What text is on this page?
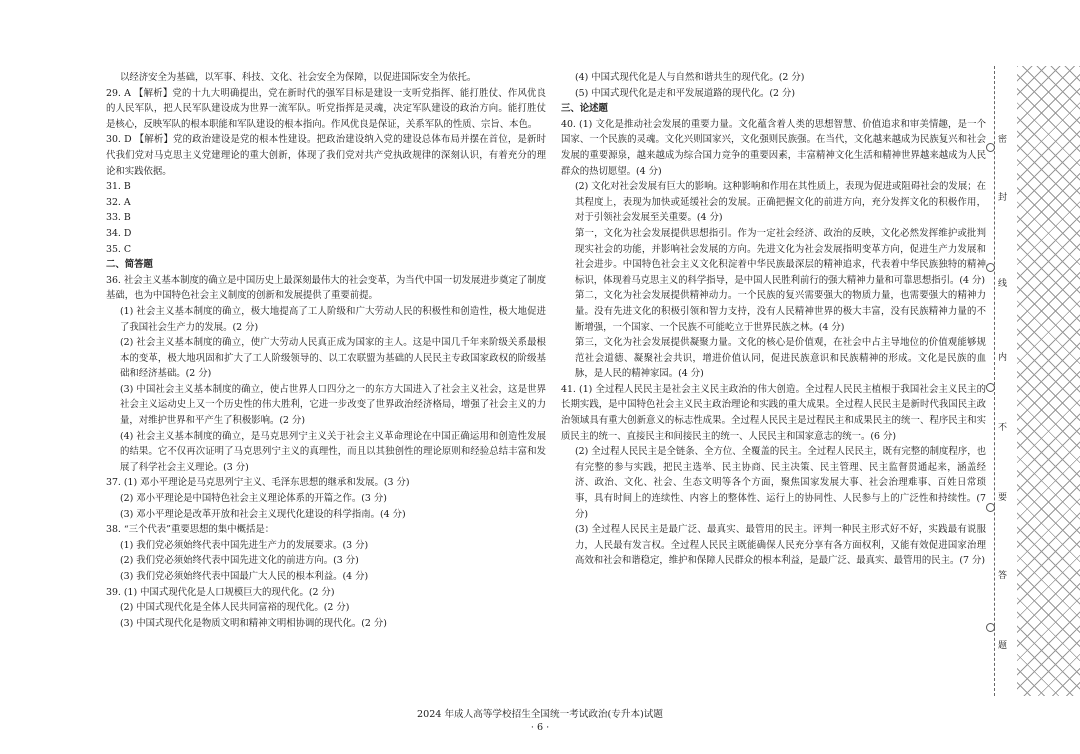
以经济安全为基础，以军事、科技、文化、社会安全为保障，以促进国际安全为依托。

29. A 【解析】党的十九大明确提出，党在新时代的强军目标是建设一支听党指挥、能打胜仗、作风优良的人民军队，把人民军队建设成为世界一流军队。听党指挥是灵魂，决定军队建设的政治方向。能打胜仗是核心，反映军队的根本职能和军队建设的根本指向。作风优良是保证，关系军队的性质、宗旨、本色。

30. D 【解析】党的政治建设是党的根本性建设。把政治建设纳入党的建设总体布局并摆在首位，是新时代我们党对马克思主义党建理论的重大创新，体现了我们党对共产党执政规律的深刻认识，有着充分的理论和实践依据。

31. B

32. A

33. B

34. D

35. C

二、简答题

36. 社会主义基本制度的确立是中国历史上最深刻最伟大的社会变革，为当代中国一切发展进步奠定了制度基础，也为中国特色社会主义制度的创新和发展提供了重要前提。

(1) 社会主义基本制度的确立，极大地提高了工人阶级和广大劳动人民的积极性和创造性，极大地促进了我国社会生产力的发展。(2 分)

(2) 社会主义基本制度的确立，使广大劳动人民真正成为国家的主人。这是中国几千年来阶级关系最根本的变革，极大地巩固和扩大了工人阶级领导的、以工农联盟为基础的人民民主专政国家政权的阶级基础和经济基础。(2 分)

(3) 中国社会主义基本制度的确立，使占世界人口四分之一的东方大国进入了社会主义社会，这是世界社会主义运动史上又一个历史性的伟大胜利，它进一步改变了世界政治经济格局，增强了社会主义的力量，对维护世界和平产生了积极影响。(2 分)

(4) 社会主义基本制度的确立，是马克思列宁主义关于社会主义革命理论在中国正确运用和创造性发展的结果。它不仅再次证明了马克思列宁主义的真理性，而且以其独创性的理论原则和经验总结丰富和发展了科学社会主义理论。(3 分)

37. (1) 邓小平理论是马克思列宁主义、毛泽东思想的继承和发展。(3 分)

(2) 邓小平理论是中国特色社会主义理论体系的开篇之作。(3 分)

(3) 邓小平理论是改革开放和社会主义现代化建设的科学指南。(4 分)

38. “三个代表”重要思想的集中概括是：

(1) 我们党必须始终代表中国先进生产力的发展要求。(3 分)

(2) 我们党必须始终代表中国先进文化的前进方向。(3 分)

(3) 我们党必须始终代表中国最广大人民的根本利益。(4 分)

39. (1) 中国式现代化是人口规模巨大的现代化。(2 分)

(2) 中国式现代化是全体人民共同富裕的现代化。(2 分)

(3) 中国式现代化是物质文明和精神文明相协调的现代化。(2 分)

(4) 中国式现代化是人与自然和谐共生的现代化。(2 分)

(5) 中国式现代化是走和平发展道路的现代化。(2 分)

三、论述题

40. (1) 文化是推动社会发展的重要力量。文化蕴含着人类的思想智慧、价值追求和审美情趣，是一个国家、一个民族的灵魂。文化兴则国家兴，文化强则民族强。在当代，文化越来越成为民族复兴和社会发展的重要源泉，越来越成为综合国力竞争的重要因素，丰富精神文化生活和精神世界越来越成为人民群众的热切愿望。(4 分)

(2) 文化对社会发展有巨大的影响。这种影响和作用在其性质上，表现为促进或阻碍社会的发展；在其程度上，表现为加快或延缓社会的发展。正确把握文化的前进方向，充分发挥文化的积极作用，对于引领社会发展至关重要。(4 分)

第一，文化为社会发展提供思想指引。作为一定社会经济、政治的反映，文化必然发挥维护或批判现实社会的功能，并影响社会发展的方向。先进文化为社会发展指明变革方向，促进生产力发展和社会进步。中国特色社会主义文化积淀着中华民族最深层的精神追求，代表着中华民族独特的精神标识，体现着马克思主义的科学指导，是中国人民胜利前行的强大精神力量和可靠思想指引。(4 分)

第二，文化为社会发展提供精神动力。一个民族的复兴需要强大的物质力量，也需要强大的精神力量。没有先进文化的积极引领和智力支持，没有人民精神世界的极大丰富，没有民族精神力量的不断增强，一个国家、一个民族不可能屹立于世界民族之林。(4 分)

第三，文化为社会发展提供凝聚力量。文化的核心是价值观，在社会中占主导地位的价值观能够规范社会道德、凝聚社会共识，增进价值认同，促进民族意识和民族精神的形成。文化是民族的血脉，是人民的精神家园。(4 分)

41. (1) 全过程人民民主是社会主义民主政治的伟大创造。全过程人民民主植根于我国社会主义民主的长期实践，是中国特色社会主义民主政治理论和实践的重大成果。全过程人民民主是新时代我国民主政治领域具有重大创新意义的标志性成果。全过程人民民主是过程民主和成果民主的统一、程序民主和实质民主的统一、直接民主和间接民主的统一、人民民主和国家意志的统一。(6 分)

(2) 全过程人民民主是全链条、全方位、全覆盖的民主。全过程人民民主，既有完整的制度程序，也有完整的参与实践，把民主选举、民主协商、民主决策、民主管理、民主监督贯通起来，涵盖经济、政治、文化、社会、生态文明等各个方面，聚焦国家发展大事、社会治理难事、百姓日常琐事，具有时间上的连续性、内容上的整体性、运行上的协同性、人民参与上的广泛性和持续性。(7 分)

(3) 全过程人民民主是最广泛、最真实、最管用的民主。评判一种民主形式好不好，实践最有说服力，人民最有发言权。全过程人民民主既能确保人民充分享有各方面权利，又能有效促进国家治理高效和社会和谐稳定，维护和保障人民群众的根本利益，是最广泛、最真实、最管用的民主。(7 分)

2024 年成人高等学校招生全国统一考试政治(专升本)试题
· 6 ·
密
封
线
内
不
要
答
题
